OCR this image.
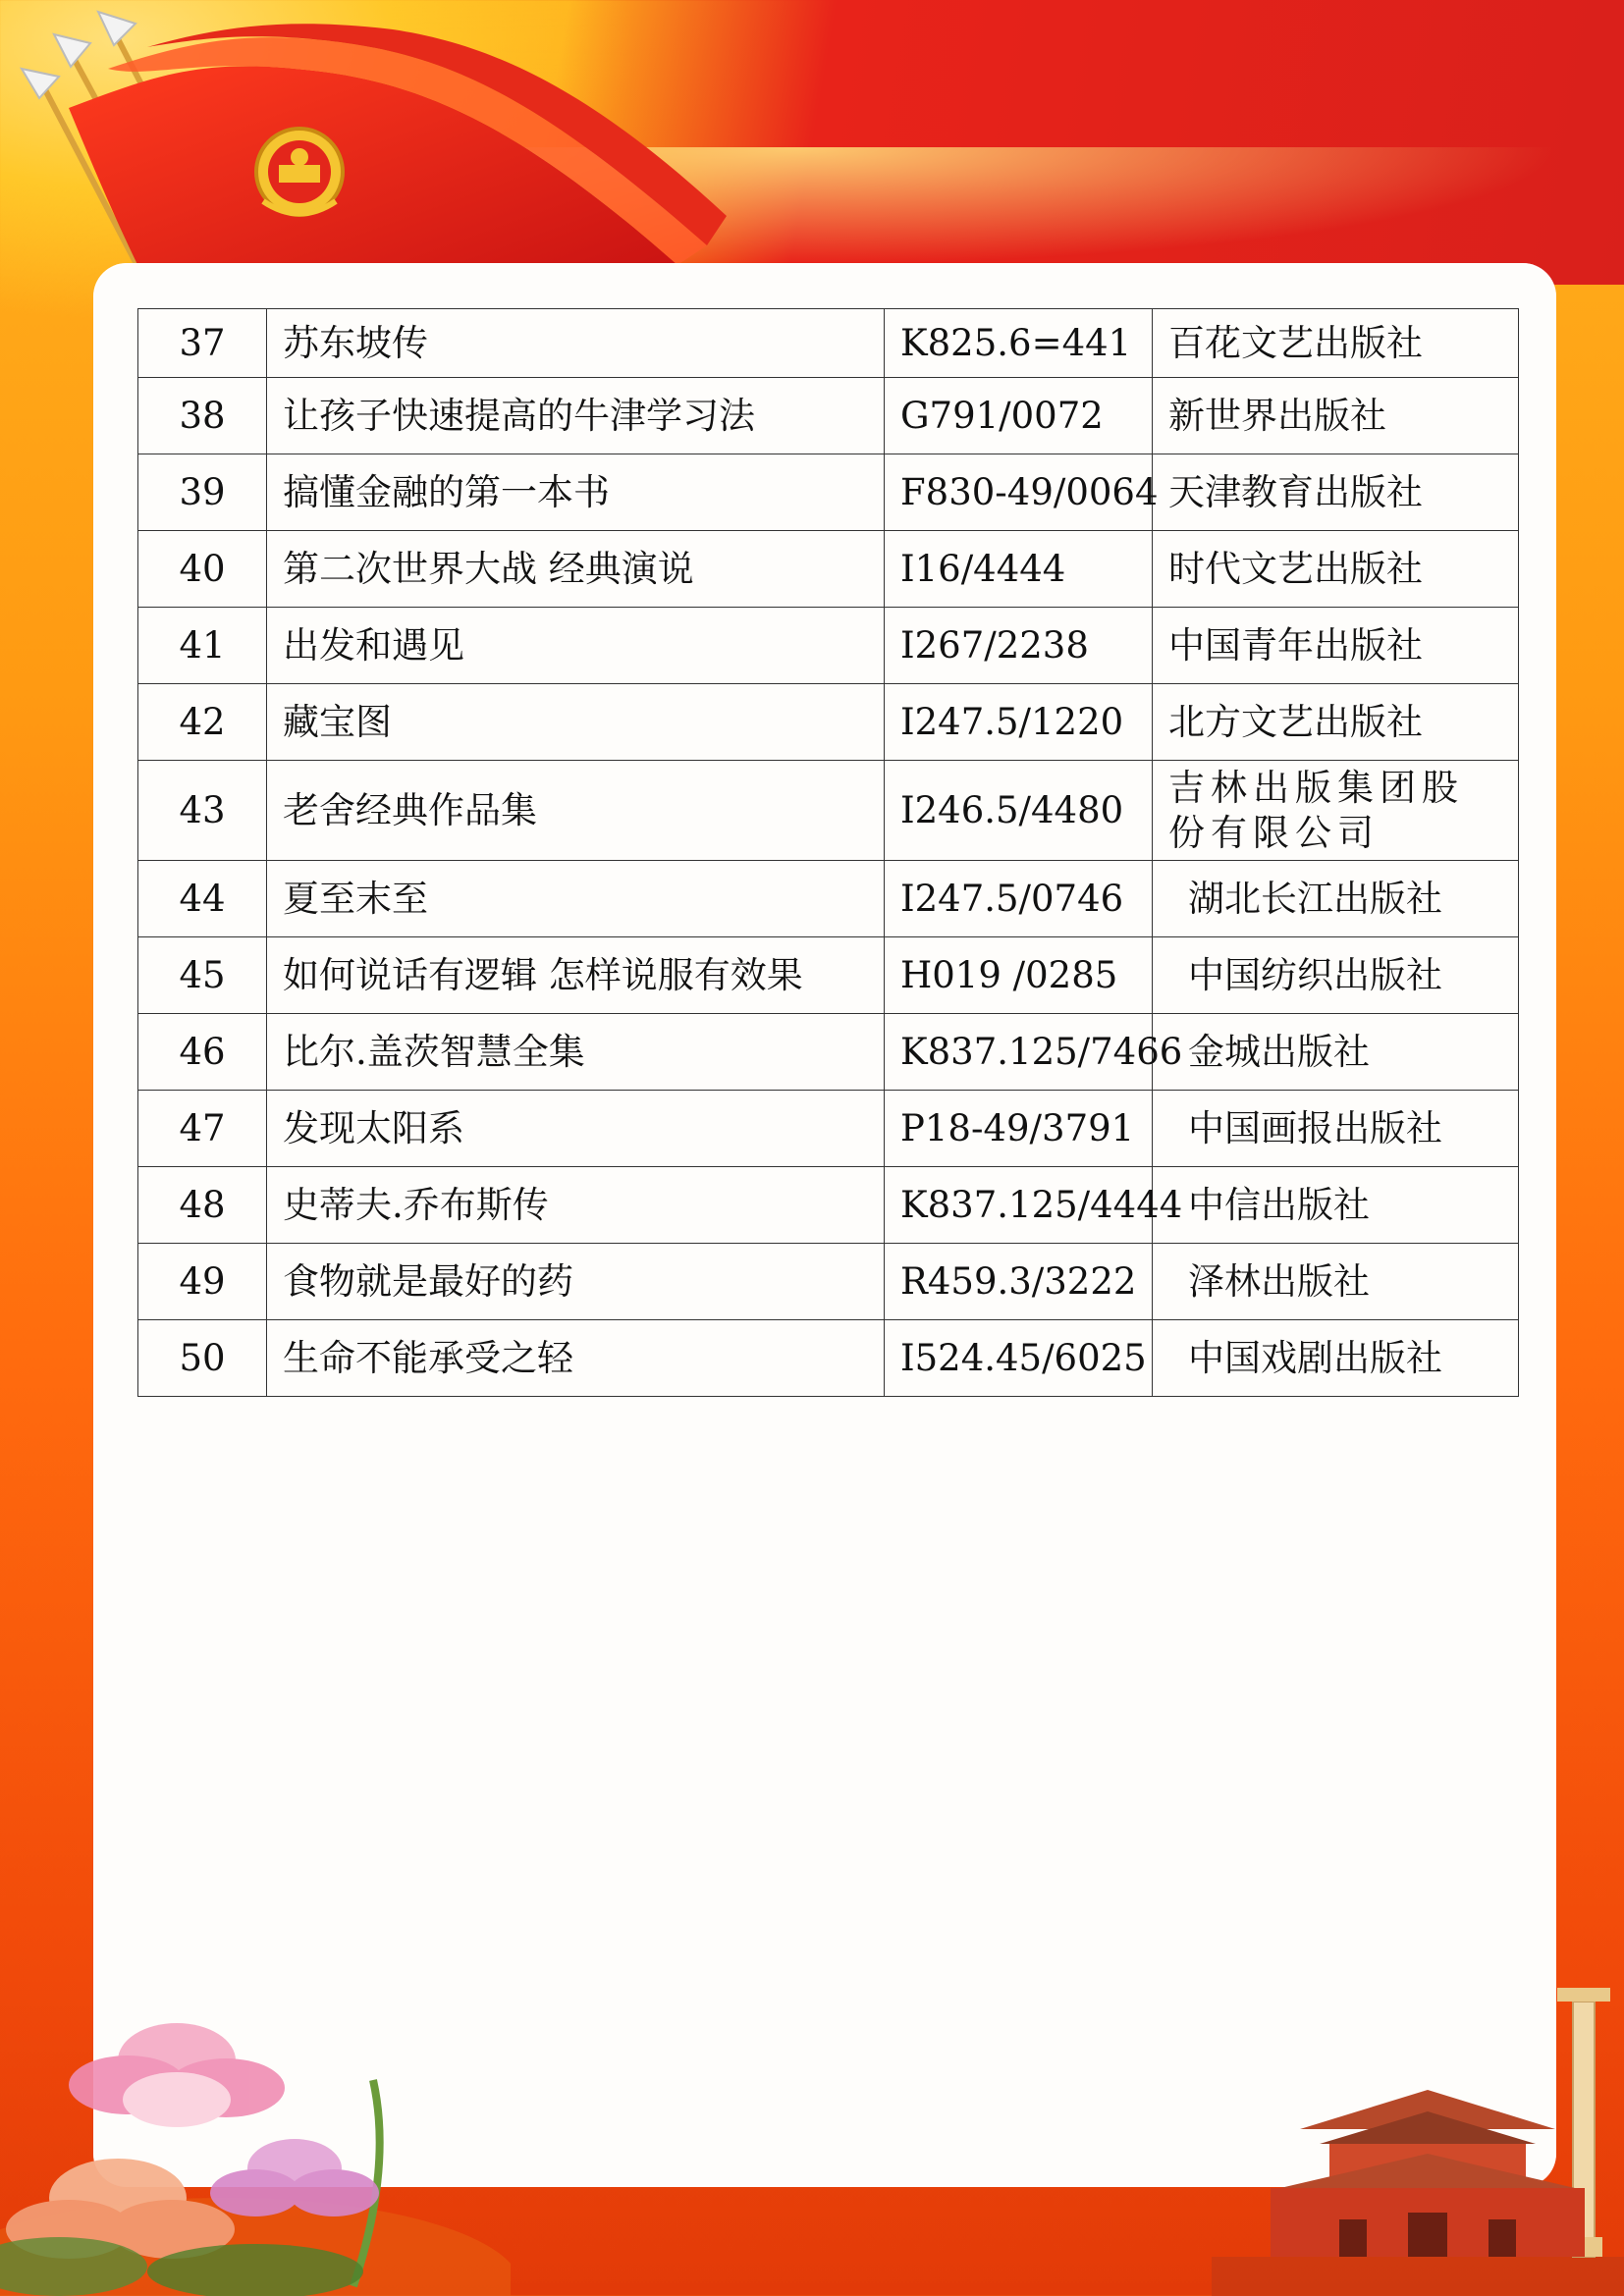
37	苏东坡传	K825.6=441	百花文艺出版社
38	让孩子快速提高的牛津学习法	G791/0072	新世界出版社
39	搞懂金融的第一本书	F830-49/0064	天津教育出版社
40	第二次世界大战 经典演说	I16/4444	时代文艺出版社
41	出发和遇见	I267/2238	中国青年出版社
42	藏宝图	I247.5/1220	北方文艺出版社
43	老舍经典作品集	I246.5/4480	吉林出版集团股份有限公司
44	夏至末至	I247.5/0746	湖北长江出版社
45	如何说话有逻辑 怎样说服有效果	H019 /0285	中国纺织出版社
46	比尔.盖茨智慧全集	K837.125/7466	金城出版社
47	发现太阳系	P18-49/3791	中国画报出版社
48	史蒂夫.乔布斯传	K837.125/4444	中信出版社
49	食物就是最好的药	R459.3/3222	泽林出版社
50	生命不能承受之轻	I524.45/6025	中国戏剧出版社
